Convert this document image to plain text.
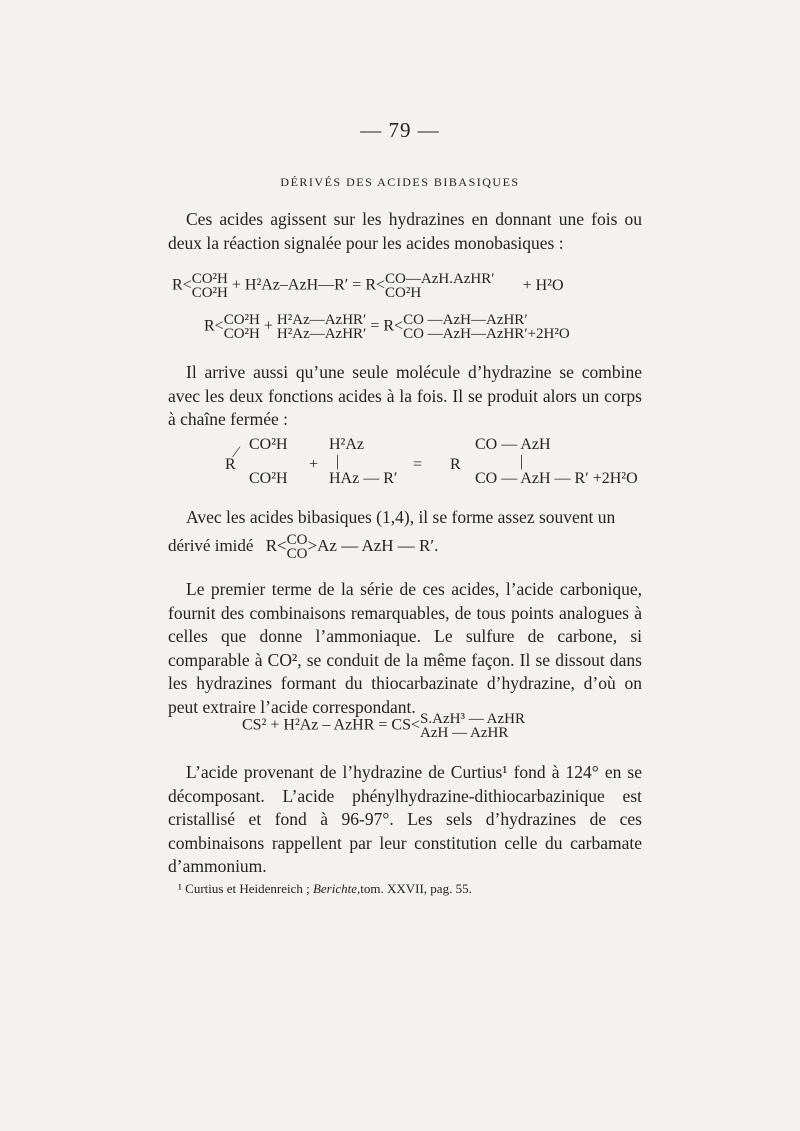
— 79 —
DÉRIVÉS DES ACIDES BIBASIQUES
Ces acides agissent sur les hydrazines en donnant une fois ou deux la réaction signalée pour les acides monobasiques :
R< CO²H
CO²H + H²Az–AzH—R′ = R< CO—AzH.AzHR′
CO²H	+ H²O
R< CO²H
CO²H + H²Az—AzHR′
H²Az—AzHR′ = R< CO —AzH—AzHR′
CO —AzH—AzHR′+2H²O
Il arrive aussi qu’une seule molécule d’hydrazine se combine avec les deux fonctions acides à la fois. Il se produit alors un corps à chaîne fermée :
R
⁄ CO²H
CO²H
+
H²Az
|
HAz — R′
= R
CO — AzH
|
CO — AzH — R′ +2H²O
Avec les acides bibasiques (1,4), il se forme assez souvent un
dérivé imidé R< CO
CO >Az — AzH — R′.
Le premier terme de la série de ces acides, l’acide carbonique, fournit des combinaisons remarquables, de tous points analogues à celles que donne l’ammoniaque. Le sulfure de carbone, si comparable à CO², se conduit de la même façon. Il se dissout dans les hydrazines formant du thiocarbazinate d’hydrazine, d’où on peut extraire l’acide correspondant.
CS² + H²Az – AzHR = CS< S.AzH³ — AzHR
AzH — AzHR
L’acide provenant de l’hydrazine de Curtius¹ fond à 124° en se décomposant. L’acide phénylhydrazine-dithiocarbazinique est cristallisé et fond à 96-97°. Les sels d’hydrazines de ces combinaisons rappellent par leur constitution celle du carbamate d’ammonium.
¹ Curtius et Heidenreich ; Berichte,tom. XXVII, pag. 55.
